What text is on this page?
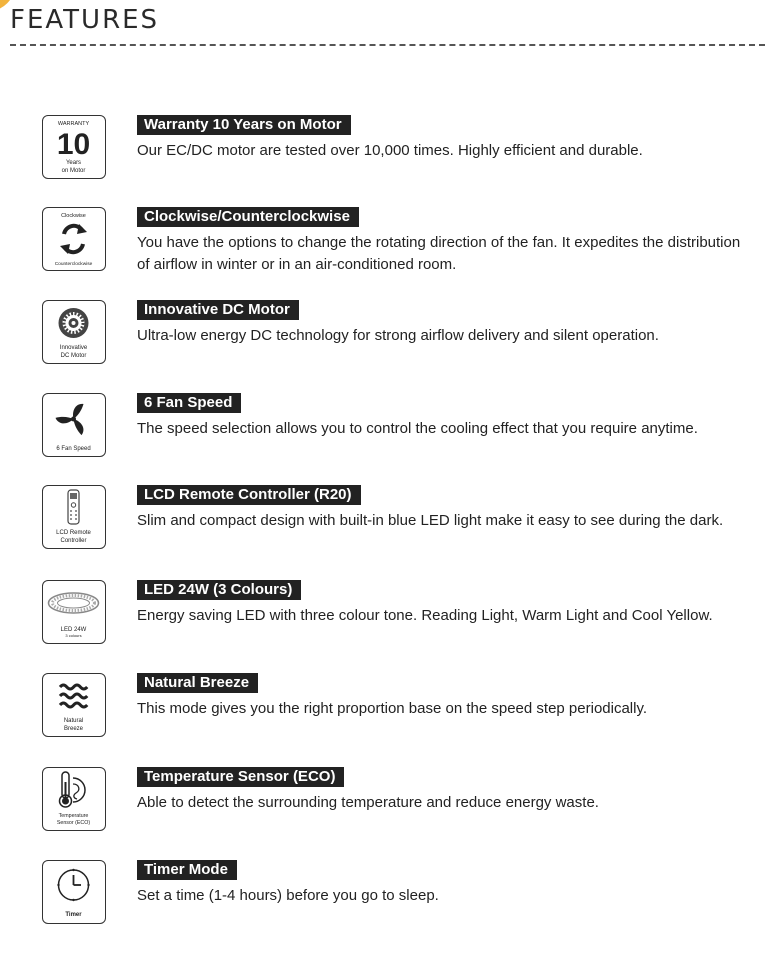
FEATURES
WARRANTY
10
Years
on Motor
Warranty 10 Years on Motor

Our EC/DC motor are tested over 10,000 times. Highly efficient and durable.

Clockwise
Counterclockwise
Clockwise/Counterclockwise

You have the options to change the rotating direction of the fan. It expedites the distribution of airflow in winter or in an air-conditioned room.

Innovative
DC Motor
Innovative DC Motor

Ultra-low energy DC technology for strong airflow delivery and silent operation.

6 Fan Speed
6 Fan Speed

The speed selection allows you to control the cooling effect that you require anytime.

LCD Remote
Controller
LCD Remote Controller (R20)

Slim and compact design with built-in blue LED light make it easy to see during the dark.

LED 24W
3 colours
LED 24W (3 Colours)

Energy saving LED with three colour tone. Reading Light, Warm Light and Cool Yellow.

Natural
Breeze
Natural Breeze

This mode gives you the right proportion base on the speed step periodically.

Temperature
Sensor (ECO)
Temperature Sensor (ECO)

Able to detect the surrounding temperature and reduce energy waste.

Timer
Timer Mode

Set a time (1-4 hours) before you go to sleep.
